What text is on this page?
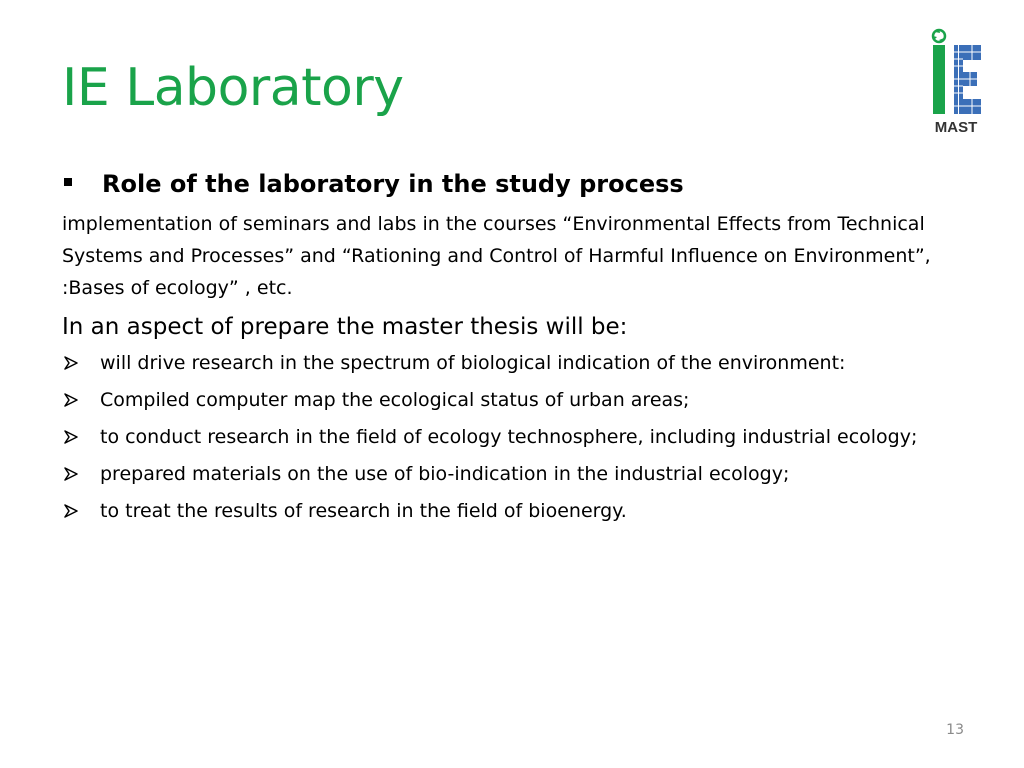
IE Laboratory
MAST
Role of the laboratory in the study process
implementation of seminars and labs in the courses “Environmental Effects from Technical Systems and Processes” and “Rationing and Control of Harmful Influence on Environment”, :Bases of ecology” , etc.
In an aspect of prepare the master thesis will be:
will drive research in the spectrum of biological indication of the environment:
Compiled computer map the ecological status of urban areas;
to conduct research in the field of ecology technosphere, including industrial ecology;
prepared materials on the use of bio-indication in the industrial ecology;
to treat the results of research in the field of bioenergy.
13
